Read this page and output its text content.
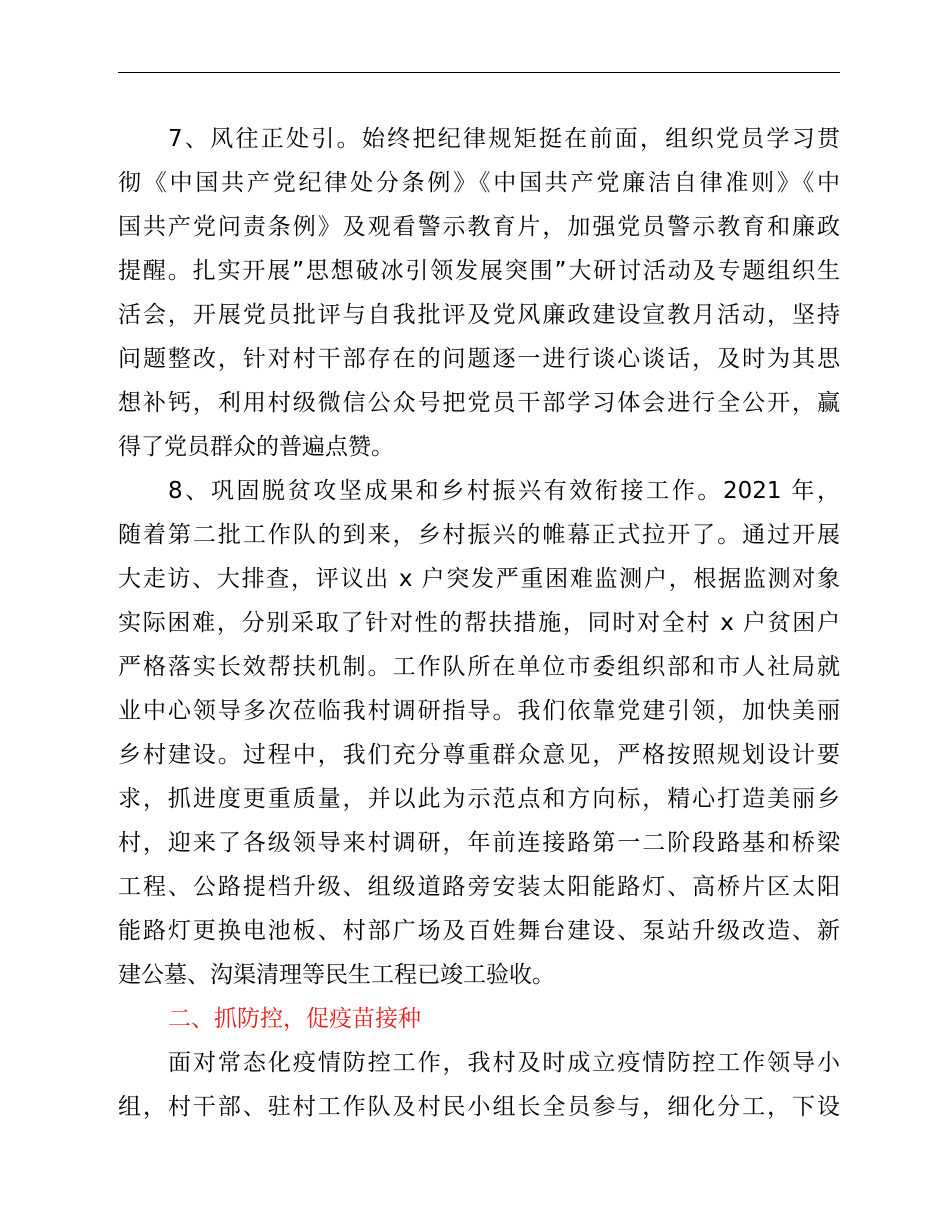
7、风往正处引。始终把纪律规矩挺在前面，组织党员学习贯
彻《中国共产党纪律处分条例》《中国共产党廉洁自律准则》《中
国共产党问责条例》及观看警示教育片，加强党员警示教育和廉政
提醒。扎实开展”思想破冰引领发展突围”大研讨活动及专题组织生
活会，开展党员批评与自我批评及党风廉政建设宣教月活动，坚持
问题整改，针对村干部存在的问题逐一进行谈心谈话，及时为其思
想补钙，利用村级微信公众号把党员干部学习体会进行全公开，赢
得了党员群众的普遍点赞。
8、巩固脱贫攻坚成果和乡村振兴有效衔接工作。2021 年，
随着第二批工作队的到来，乡村振兴的帷幕正式拉开了。通过开展
大走访、大排查，评议出 x 户突发严重困难监测户，根据监测对象
实际困难，分别采取了针对性的帮扶措施，同时对全村 x 户贫困户
严格落实长效帮扶机制。工作队所在单位市委组织部和市人社局就
业中心领导多次莅临我村调研指导。我们依靠党建引领，加快美丽
乡村建设。过程中，我们充分尊重群众意见，严格按照规划设计要
求，抓进度更重质量，并以此为示范点和方向标，精心打造美丽乡
村，迎来了各级领导来村调研，年前连接路第一二阶段路基和桥梁
工程、公路提档升级、组级道路旁安装太阳能路灯、高桥片区太阳
能路灯更换电池板、村部广场及百姓舞台建设、泵站升级改造、新
建公墓、沟渠清理等民生工程已竣工验收。
二、抓防控，促疫苗接种
面对常态化疫情防控工作，我村及时成立疫情防控工作领导小
组，村干部、驻村工作队及村民小组长全员参与，细化分工，下设
